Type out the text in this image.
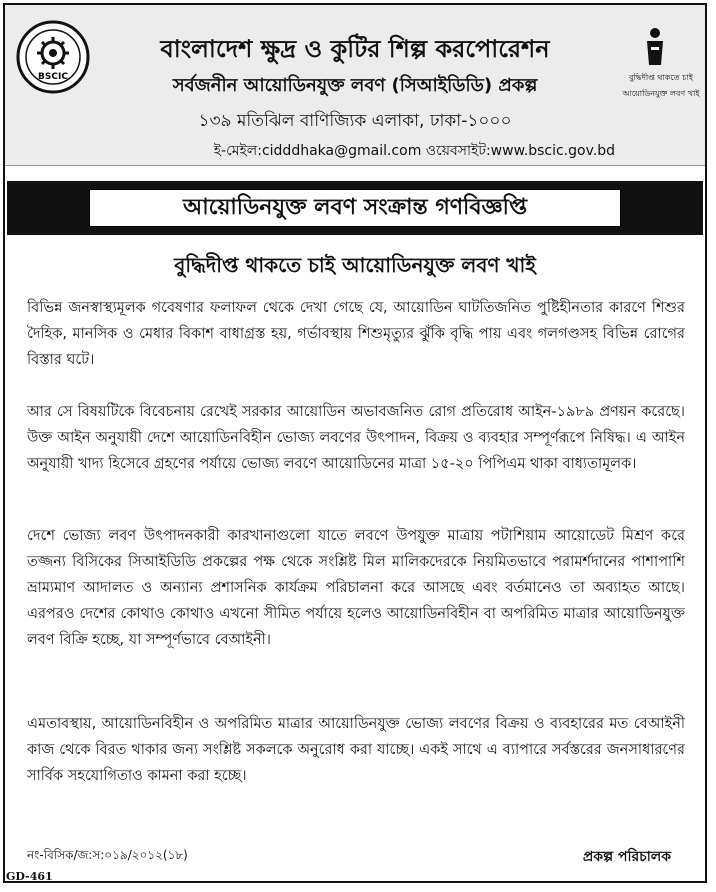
BSCIC
বাংলাদেশ ক্ষুদ্র ও কুটির শিল্প করপোরেশন
সর্বজনীন আয়োডিনযুক্ত লবণ (সিআইডিডি) প্রকল্প
১৩৯ মতিঝিল বাণিজ্যিক এলাকা, ঢাকা-১০০০
ই-মেইল:cidddhaka@gmail.com ওয়েবসাইট:www.bscic.gov.bd
বুদ্ধিদীপ্ত থাকতে চাই
আয়োডিনযুক্ত লবণ খাই
আয়োডিনযুক্ত লবণ সংক্রান্ত গণবিজ্ঞপ্তি
বুদ্ধিদীপ্ত থাকতে চাই আয়োডিনযুক্ত লবণ খাই
বিভিন্ন জনস্বাস্থ্যমূলক গবেষণার ফলাফল থেকে দেখা গেছে যে, আয়োডিন ঘাটতিজনিত পুষ্টিহীনতার কারণে শিশুর দৈহিক, মানসিক ও মেধার বিকাশ বাধাগ্রস্ত হয়, গর্ভাবস্থায় শিশুমৃত্যুর ঝুঁকি বৃদ্ধি পায় এবং গলগণ্ডসহ বিভিন্ন রোগের বিস্তার ঘটে।
আর সে বিষয়টিকে বিবেচনায় রেখেই সরকার আয়োডিন অভাবজনিত রোগ প্রতিরোধ আইন-১৯৮৯ প্রণয়ন করেছে। উক্ত আইন অনুযায়ী দেশে আয়োডিনবিহীন ভোজ্য লবণের উৎপাদন, বিক্রয় ও ব্যবহার সম্পূর্ণরূপে নিষিদ্ধ। এ আইন অনুযায়ী খাদ্য হিসেবে গ্রহণের পর্যায়ে ভোজ্য লবণে আয়োডিনের মাত্রা ১৫-২০ পিপিএম থাকা বাধ্যতামূলক।
দেশে ভোজ্য লবণ উৎপাদনকারী কারখানাগুলো যাতে লবণে উপযুক্ত মাত্রায় পটাশিয়াম আয়োডেট মিশ্রণ করে তজ্জন্য বিসিকের সিআইডিডি প্রকল্পের পক্ষ থেকে সংশ্লিষ্ট মিল মালিকদেরকে নিয়মিতভাবে পরামর্শদানের পাশাপাশি ভ্রাম্যমাণ আদালত ও অন্যান্য প্রশাসনিক কার্যক্রম পরিচালনা করে আসছে এবং বর্তমানেও তা অব্যাহত আছে। এরপরও দেশের কোথাও কোথাও এখনো সীমিত পর্যায়ে হলেও আয়োডিনবিহীন বা অপরিমিত মাত্রার আয়োডিনযুক্ত লবণ বিক্রি হচ্ছে, যা সম্পূর্ণভাবে বেআইনী।
এমতাবস্থায়, আয়োডিনবিহীন ও অপরিমিত মাত্রার আয়োডিনযুক্ত ভোজ্য লবণের বিক্রয় ও ব্যবহারের মত বেআইনী কাজ থেকে বিরত থাকার জন্য সংশ্লিষ্ট সকলকে অনুরোধ করা যাচ্ছে। একই সাথে এ ব্যাপারে সর্বস্তরের জনসাধারণের সার্বিক সহযোগিতাও কামনা করা হচ্ছে।
নং-বিসিক/জ:স:০১৯/২০১২(১৮)	প্রকল্প পরিচালক
GD-461
